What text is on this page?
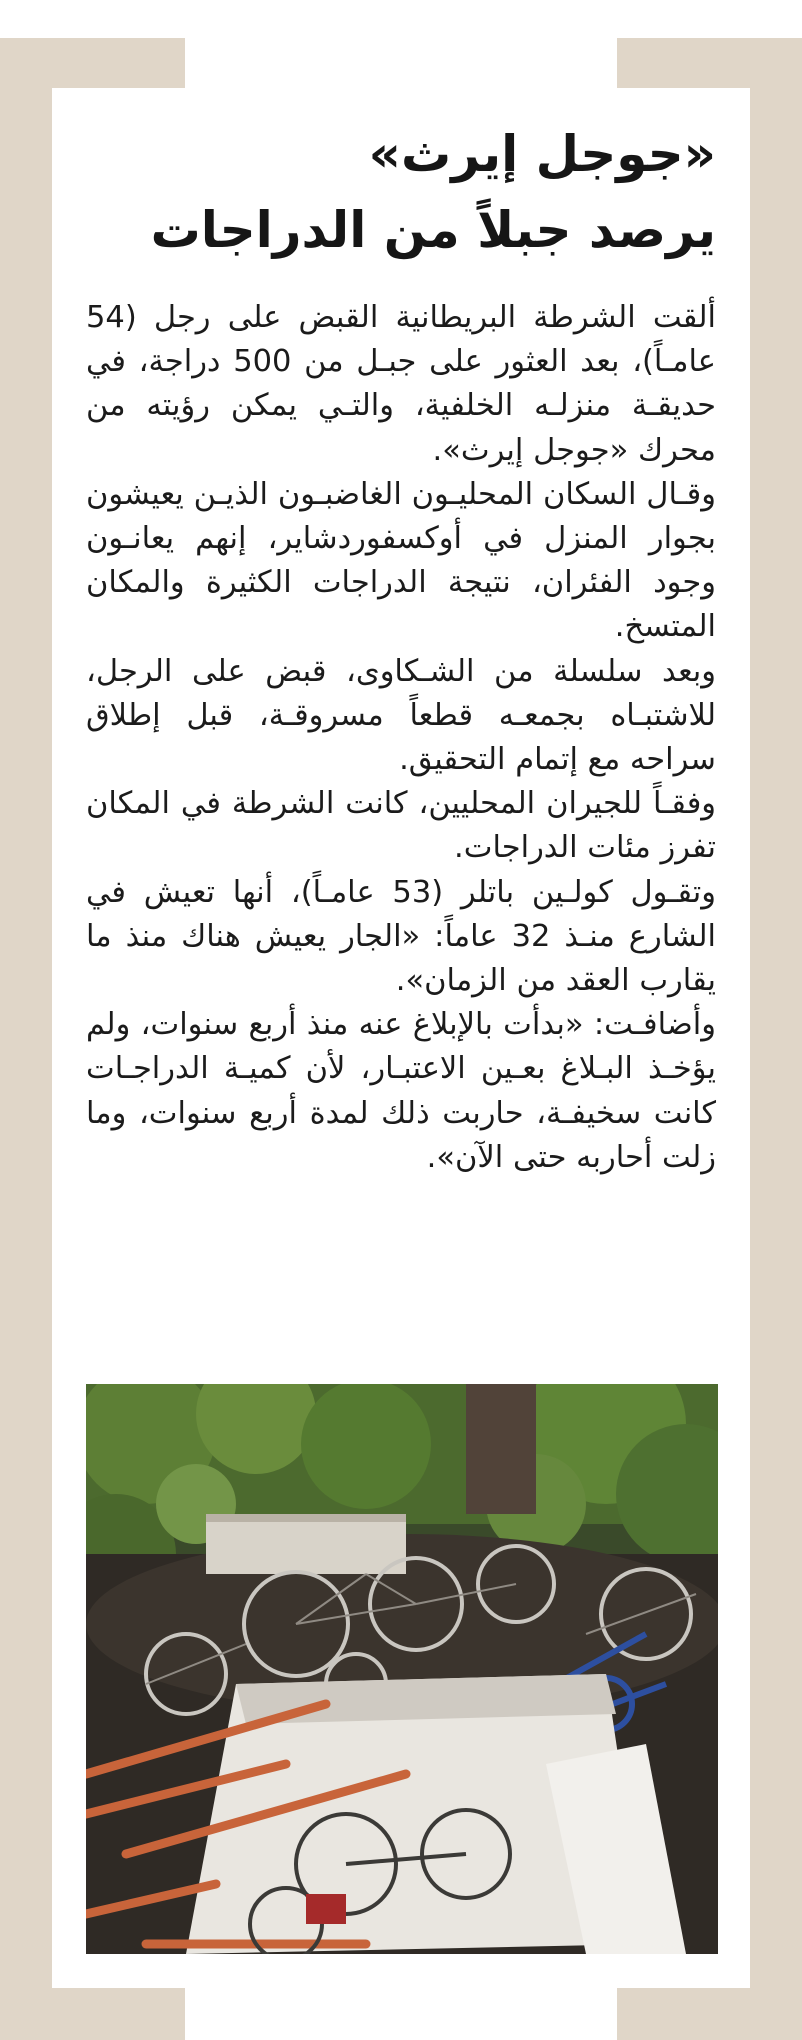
«جوجل إيرث»
يرصد جبلاً من الدراجات

ألقت الشرطة البريطانية القبض على رجل (54 عامـاً)، بعد العثور على جبـل من 500 دراجة، في حديقـة منزلـه الخلفية، والتـي يمكن رؤيته من محرك «جوجل إيرث».

وقـال السكان المحليـون الغاضبـون الذيـن يعيشون بجوار المنزل في أوكسفوردشاير، إنهم يعانـون وجود الفئران، نتيجة الدراجات الكثيرة والمكان المتسخ.

وبعد سلسلة من الشـكاوى، قبض على الرجل، للاشتبـاه بجمعـه قطعاً مسروقـة، قبل إطلاق سراحه مع إتمام التحقيق.

وفقـاً للجيران المحليين، كانت الشرطة في المكان تفرز مئات الدراجات.

وتقـول كولـين باتلر (53 عامـاً)، أنها تعيش في الشارع منـذ 32 عاماً: «الجار يعيش هناك منذ ما يقارب العقد من الزمان».

وأضافـت: «بدأت بالإبلاغ عنه منذ أربع سنوات، ولم يؤخـذ البـلاغ بعـين الاعتبـار، لأن كميـة الدراجـات كانت سخيفـة، حاربت ذلك لمدة أربع سنوات، وما زلت أحاربه حتى الآن».
